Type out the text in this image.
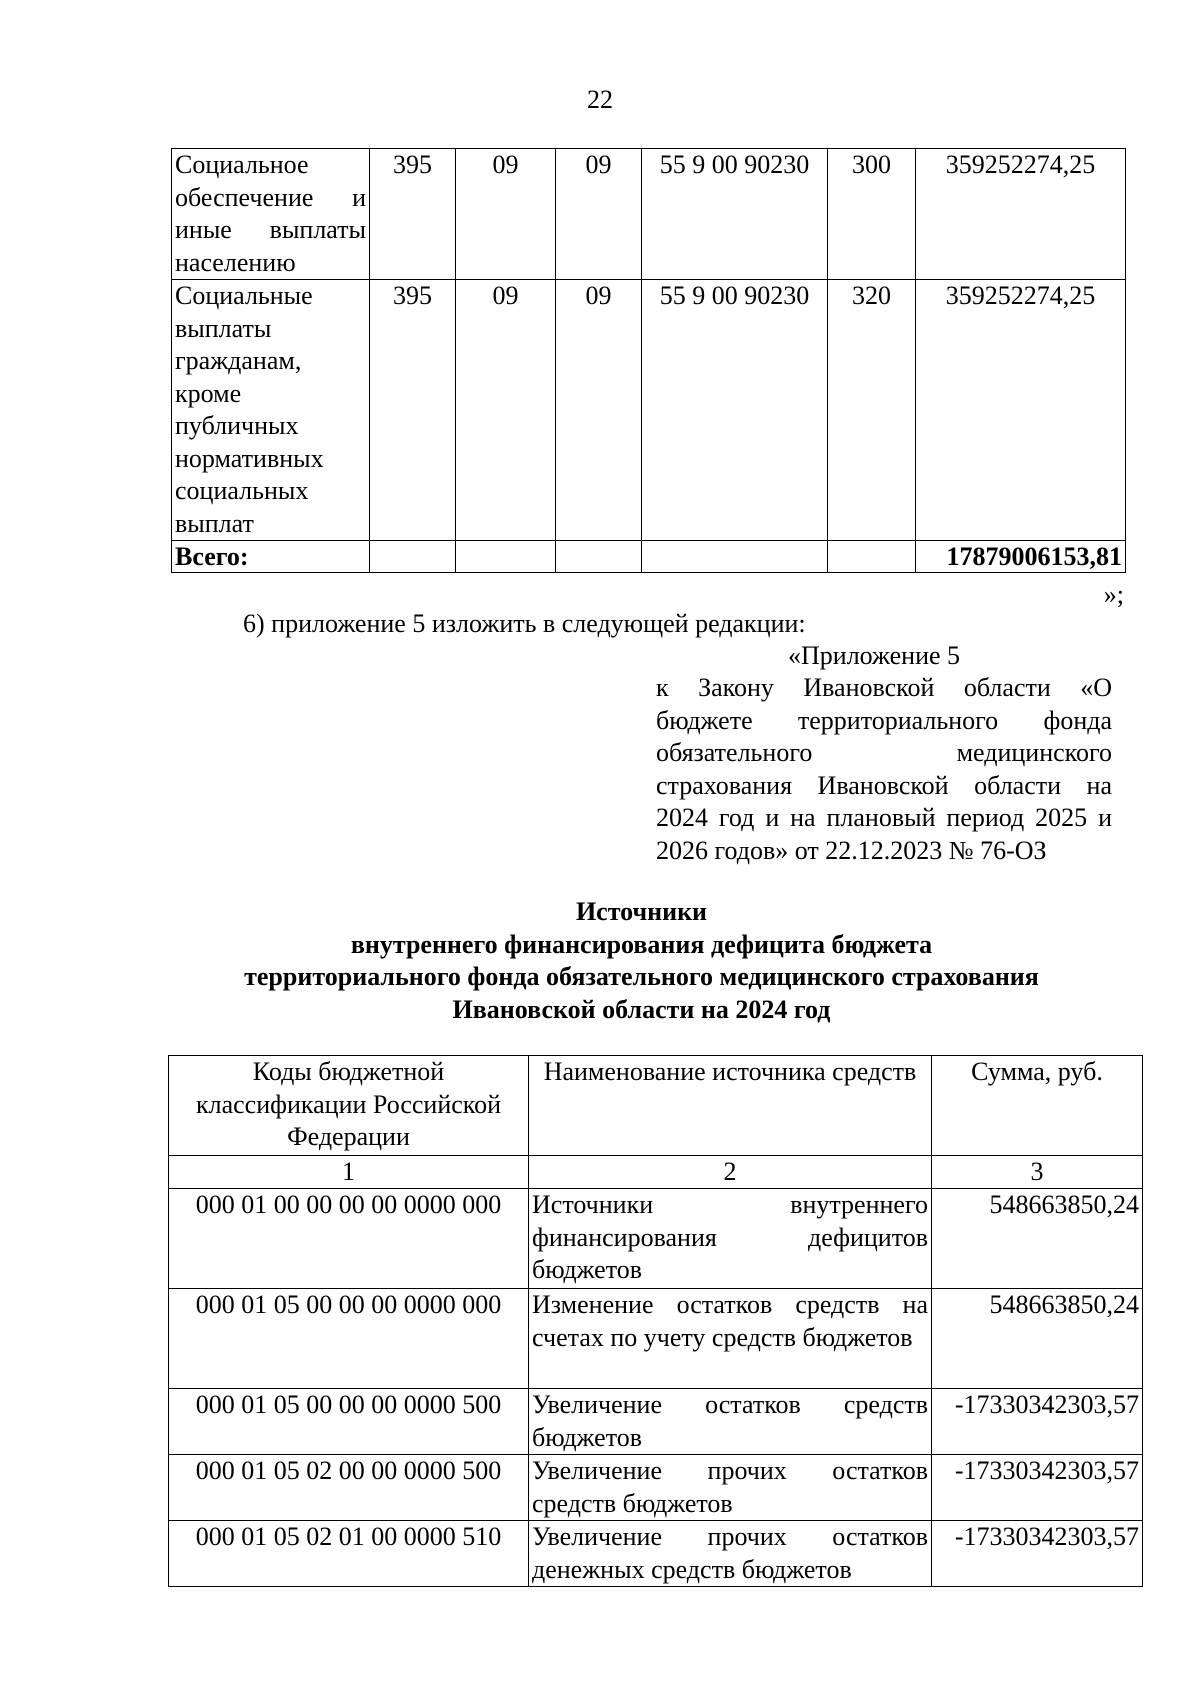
22
Социальное обеспечение и иные выплаты населению	395	09	09	55 9 00 90230	300	359252274,25
Социальные выплаты гражданам, кроме публичных нормативных социальных выплат	395	09	09	55 9 00 90230	320	359252274,25
Всего:						17879006153,81
»;
6) приложение 5 изложить в следующей редакции:
«Приложение 5
к Закону Ивановской области «О бюджете территориального фонда обязательного медицинского страхования Ивановской области на 2024 год и на плановый период 2025 и 2026 годов» от 22.12.2023 № 76-ОЗ
Источники
внутреннего финансирования дефицита бюджета
территориального фонда обязательного медицинского страхования
Ивановской области на 2024 год
Коды бюджетной классификации Российской Федерации	Наименование источника средств	Сумма, руб.
1	2	3
000 01 00 00 00 00 0000 000	Источники внутреннего финансирования дефицитов бюджетов	548663850,24
000 01 05 00 00 00 0000 000	Изменение остатков средств на счетах по учету средств бюджетов	548663850,24
000 01 05 00 00 00 0000 500	Увеличение остатков средств бюджетов	-17330342303,57
000 01 05 02 00 00 0000 500	Увеличение прочих остатков средств бюджетов	-17330342303,57
000 01 05 02 01 00 0000 510	Увеличение прочих остатков денежных средств бюджетов	-17330342303,57
